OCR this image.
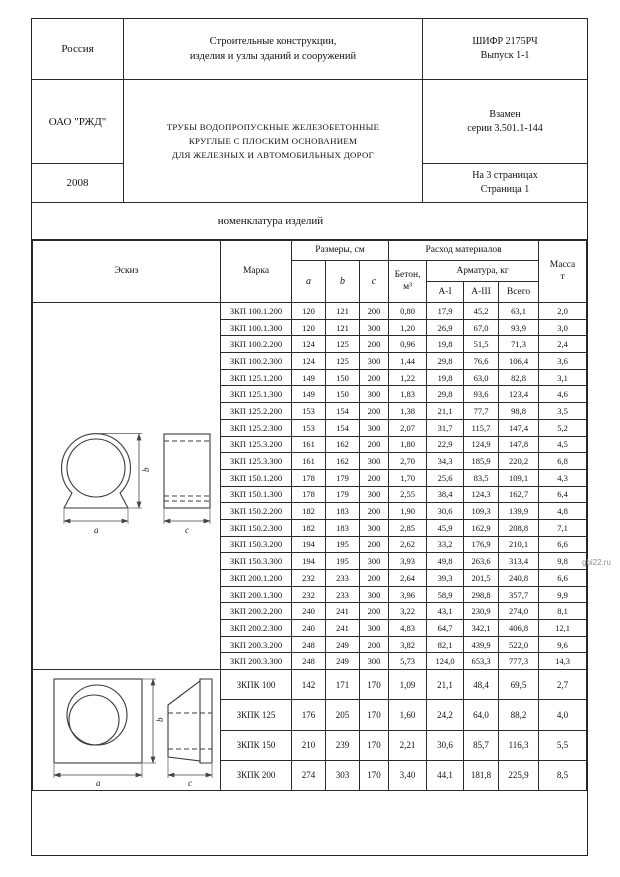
Россия
Строительные конструкции,
изделия и узлы зданий и сооружений
ШИФР 2175РЧ
Выпуск 1-1
ОАО "РЖД"	ТРУБЫ ВОДОПРОПУСКНЫЕ ЖЕЛЕЗОБЕТОННЫЕ
КРУГЛЫЕ С ПЛОСКИМ ОСНОВАНИЕМ
ДЛЯ ЖЕЛЕЗНЫХ И АВТОМОБИЛЬНЫХ ДОРОГ
Взамен
серии 3.501.1-144
2008
На 3 страницах
Страница 1
номенклатура изделий
Эскиз	Марка	Размеры, см			Расход материалов				Масса
т
		a	b	c	Бетон,
м³	Арматура, кг			
						А-I	А-III	Всего	

a
b
c	ЗКП 100.1.200	120	121	200	0,80	17,9	45,2	63,1	2,0
	ЗКП 100.1.300	120	121	300	1,20	26,9	67,0	93,9	3,0
	ЗКП 100.2.200	124	125	200	0,96	19,8	51,5	71,3	2,4
	ЗКП 100.2.300	124	125	300	1,44	29,8	76,6	106,4	3,6
	ЗКП 125.1.200	149	150	200	1,22	19,8	63,0	82,8	3,1
	ЗКП 125.1.300	149	150	300	1,83	29,8	93,6	123,4	4,6
	ЗКП 125.2.200	153	154	200	1,38	21,1	77,7	98,8	3,5
	ЗКП 125.2.300	153	154	300	2,07	31,7	115,7	147,4	5,2
	ЗКП 125.3.200	161	162	200	1,80	22,9	124,9	147,8	4,5
	ЗКП 125.3.300	161	162	300	2,70	34,3	185,9	220,2	6,8
	ЗКП 150.1.200	178	179	200	1,70	25,6	83,5	109,1	4,3
	ЗКП 150.1.300	178	179	300	2,55	38,4	124,3	162,7	6,4
	ЗКП 150.2.200	182	183	200	1,90	30,6	109,3	139,9	4,8
	ЗКП 150.2.300	182	183	300	2,85	45,9	162,9	208,8	7,1
	ЗКП 150.3.200	194	195	200	2,62	33,2	176,9	210,1	6,6
	ЗКП 150.3.300	194	195	300	3,93	49,8	263,6	313,4	9,8
	ЗКП 200.1.200	232	233	200	2,64	39,3	201,5	240,8	6,6
	ЗКП 200.1.300	232	233	300	3,96	58,9	298,8	357,7	9,9
	ЗКП 200.2.200	240	241	200	3,22	43,1	230,9	274,0	8,1
	ЗКП 200.2.300	240	241	300	4,83	64,7	342,1	406,8	12,1
	ЗКП 200.3.200	248	249	200	3,82	82,1	439,9	522,0	9,6
	ЗКП 200.3.300	248	249	300	5,73	124,0	653,3	777,3	14,3

a
b
c	ЗКПК 100	142	171	170	1,09	21,1	48,4	69,5	2,7
	ЗКПК 125	176	205	170	1,60	24,2	64,0	88,2	4,0
	ЗКПК 150	210	239	170	2,21	30,6	85,7	116,3	5,5
	ЗКПК 200	274	303	170	3,40	44,1	181,8	225,9	8,5
gbi22.ru
